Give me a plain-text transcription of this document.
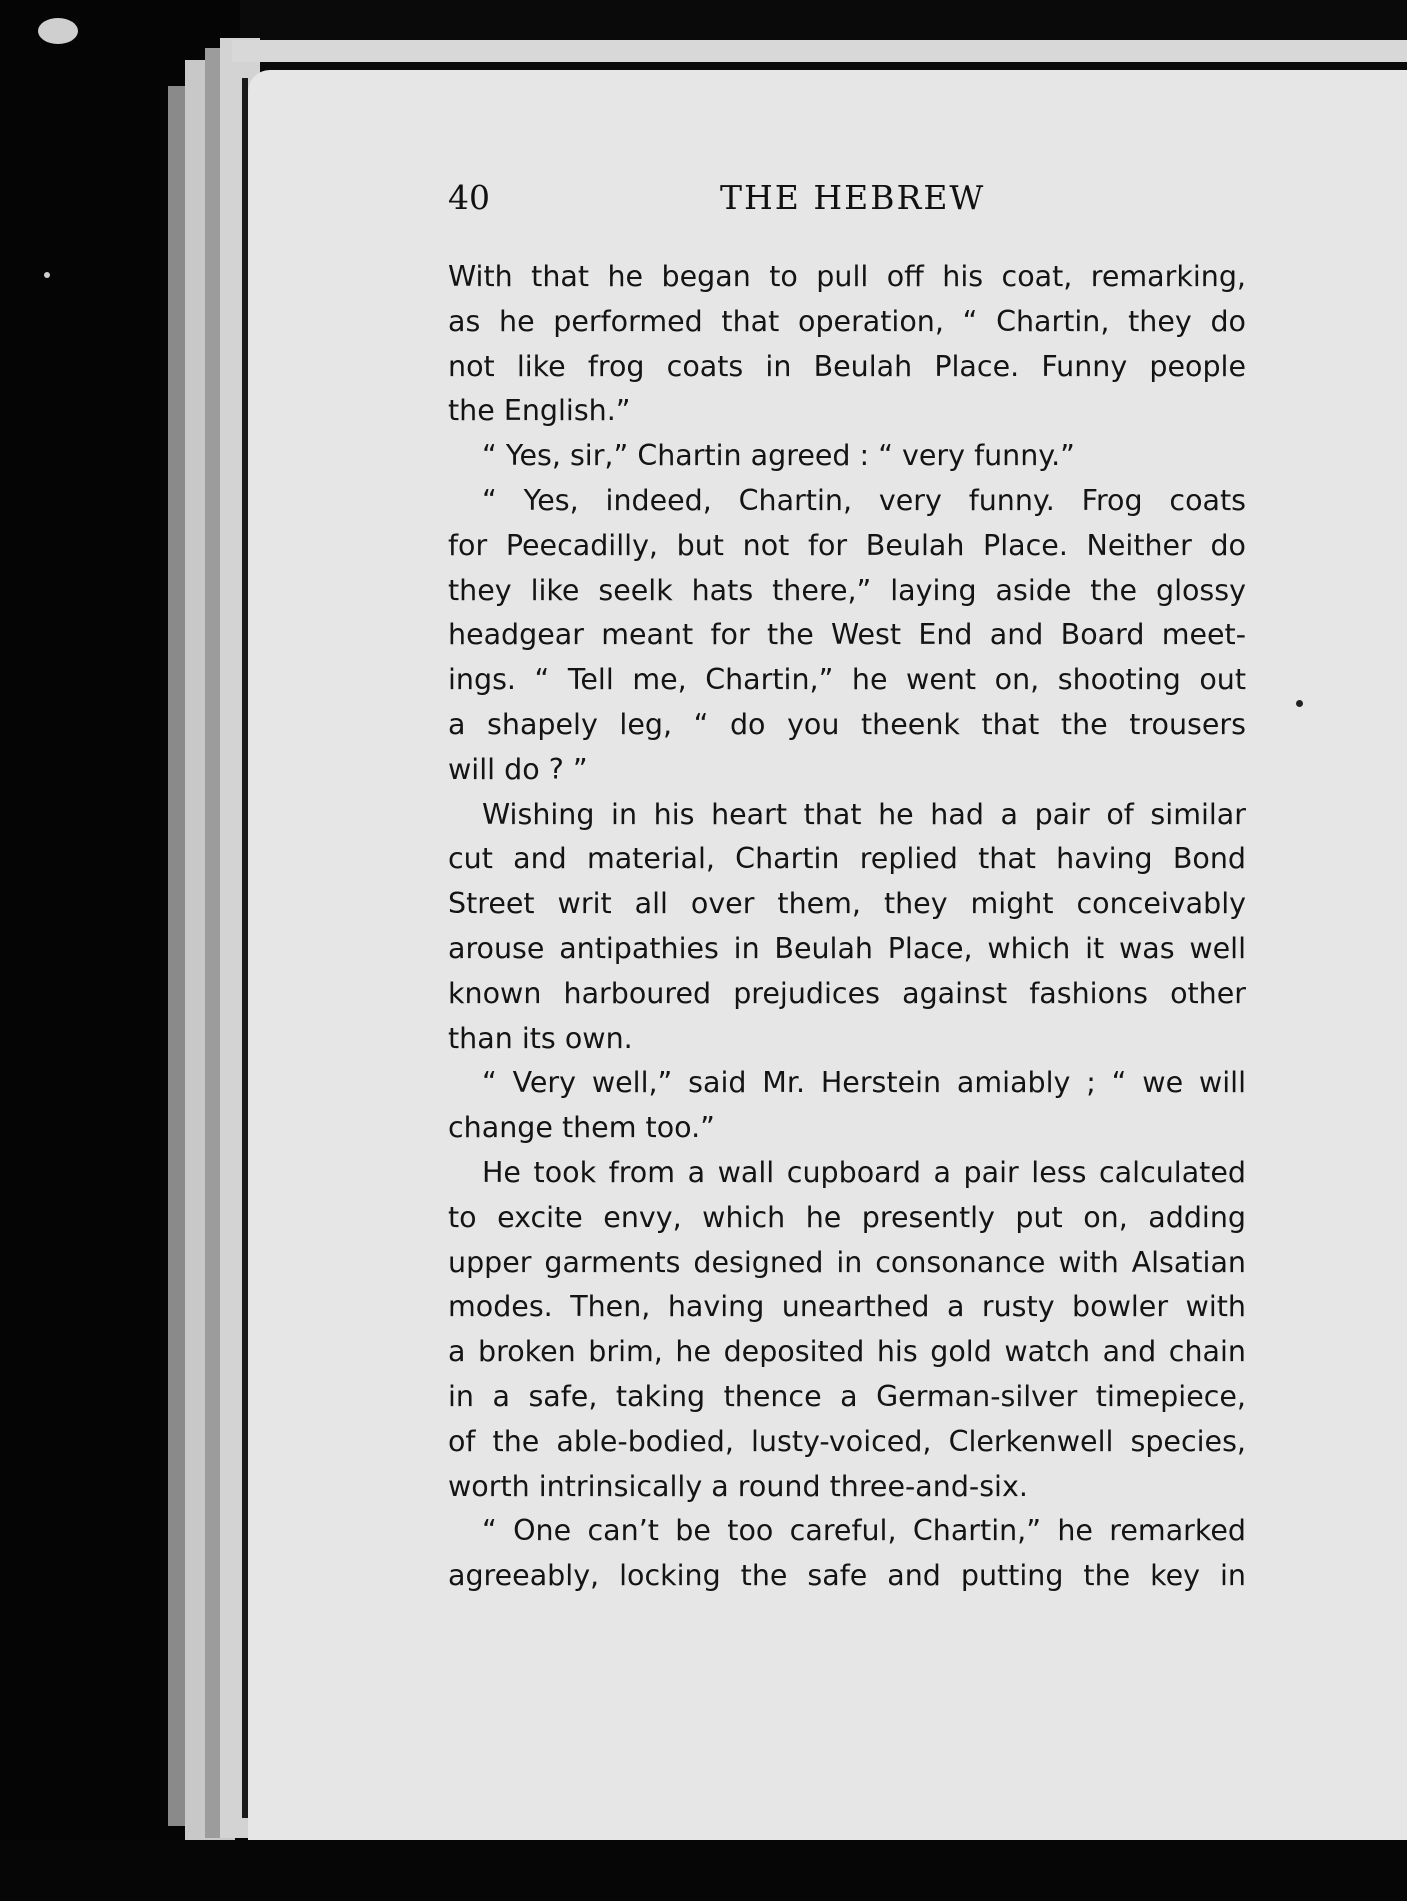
40	THE HEBREW

With that he began to pull off his coat, remarking,
as he performed that operation, “ Chartin, they do
not like frog coats in Beulah Place. Funny people
the English.”

“ Yes, sir,” Chartin agreed : “ very funny.”

“ Yes, indeed, Chartin, very funny. Frog coats
for Peecadilly, but not for Beulah Place. Neither do
they like seelk hats there,” laying aside the glossy
headgear meant for the West End and Board meet-
ings. “ Tell me, Chartin,” he went on, shooting out
a shapely leg, “ do you theenk that the trousers
will do ? ”

Wishing in his heart that he had a pair of similar
cut and material, Chartin replied that having Bond
Street writ all over them, they might conceivably
arouse antipathies in Beulah Place, which it was well
known harboured prejudices against fashions other
than its own.

“ Very well,” said Mr. Herstein amiably ; “ we will
change them too.”

He took from a wall cupboard a pair less calculated
to excite envy, which he presently put on, adding
upper garments designed in consonance with Alsatian
modes. Then, having unearthed a rusty bowler with
a broken brim, he deposited his gold watch and chain
in a safe, taking thence a German-silver timepiece,
of the able-bodied, lusty-voiced, Clerkenwell species,
worth intrinsically a round three-and-six.

“ One can’t be too careful, Chartin,” he remarked
agreeably, locking the safe and putting the key in
